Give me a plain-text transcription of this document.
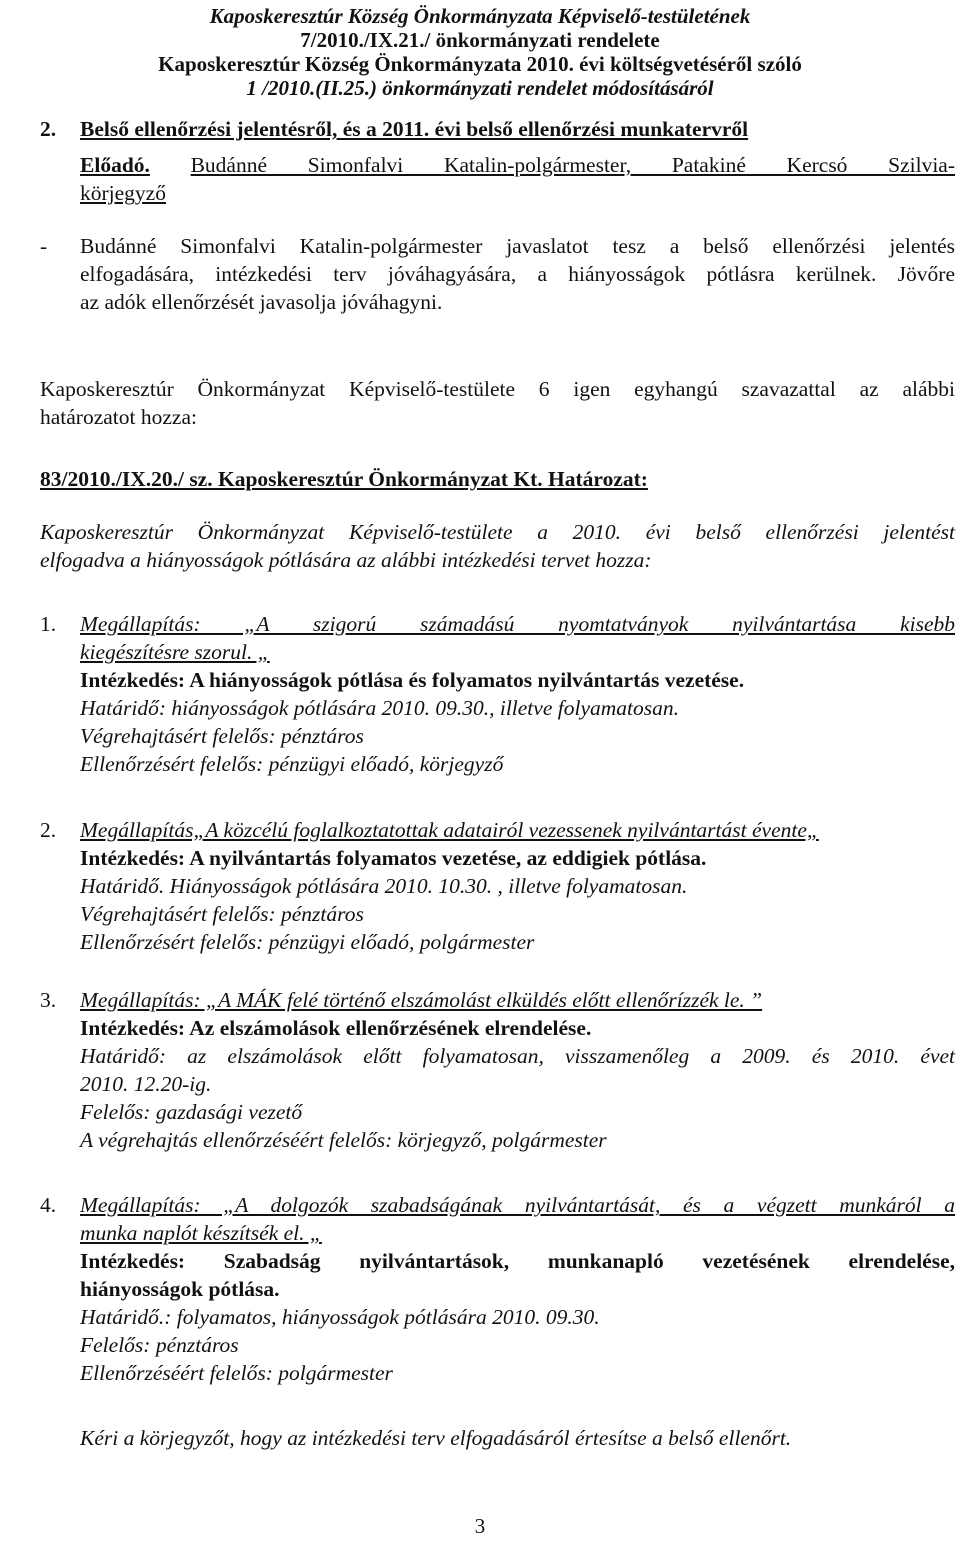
Kaposkeresztúr Község Önkormányzata Képviselő-testületének
7/2010./IX.21./ önkormányzati rendelete
Kaposkeresztúr Község Önkormányzata 2010. évi költségvetéséről szóló
1 /2010.(II.25.) önkormányzati rendelet módosításáról
2.	Belső ellenőrzési jelentésről, és a 2011. évi belső ellenőrzési munkatervről
Előadó. Budánné Simonfalvi Katalin-polgármester, Patakiné Kercsó Szilvia-
körjegyző
- Budánné Simonfalvi Katalin-polgármester javaslatot tesz a belső ellenőrzési jelentés
elfogadására, intézkedési terv jóváhagyására, a hiányosságok pótlásra kerülnek. Jövőre
az adók ellenőrzését javasolja jóváhagyni.
Kaposkeresztúr Önkormányzat Képviselő-testülete 6 igen egyhangú szavazattal az alábbi
határozatot hozza:
83/2010./IX.20./ sz. Kaposkeresztúr Önkormányzat Kt. Határozat:
Kaposkeresztúr Önkormányzat Képviselő-testülete a 2010. évi belső ellenőrzési jelentést
elfogadva a hiányosságok pótlására az alábbi intézkedési tervet hozza:
1. Megállapítás: „A szigorú számadású nyomtatványok nyilvántartása kisebb
kiegészítésre szorul. „
Intézkedés: A hiányosságok pótlása és folyamatos nyilvántartás vezetése.
Határidő: hiányosságok pótlására 2010. 09.30., illetve folyamatosan.
Végrehajtásért felelős: pénztáros
Ellenőrzésért felelős: pénzügyi előadó, körjegyző
2. Megállapítás„A közcélú foglalkoztatottak adatairól vezessenek nyilvántartást évente„
Intézkedés: A nyilvántartás folyamatos vezetése, az eddigiek pótlása.
Határidő. Hiányosságok pótlására 2010. 10.30. , illetve folyamatosan.
Végrehajtásért felelős: pénztáros
Ellenőrzésért felelős: pénzügyi előadó, polgármester
3. Megállapítás: „A MÁK felé történő elszámolást elküldés előtt ellenőrízzék le. ”
Intézkedés: Az elszámolások ellenőrzésének elrendelése.
Határidő: az elszámolások előtt folyamatosan, visszamenőleg a 2009. és 2010. évet
2010. 12.20-ig.
Felelős: gazdasági vezető
A végrehajtás ellenőrzéséért felelős: körjegyző, polgármester
4. Megállapítás: „A dolgozók szabadságának nyilvántartását, és a végzett munkáról a
munka naplót készítsék el. „
Intézkedés: Szabadság nyilvántartások, munkanapló vezetésének elrendelése,
hiányosságok pótlása.
Határidő.: folyamatos, hiányosságok pótlására 2010. 09.30.
Felelős: pénztáros
Ellenőrzéséért felelős: polgármester
Kéri a körjegyzőt, hogy az intézkedési terv elfogadásáról értesítse a belső ellenőrt.
3
